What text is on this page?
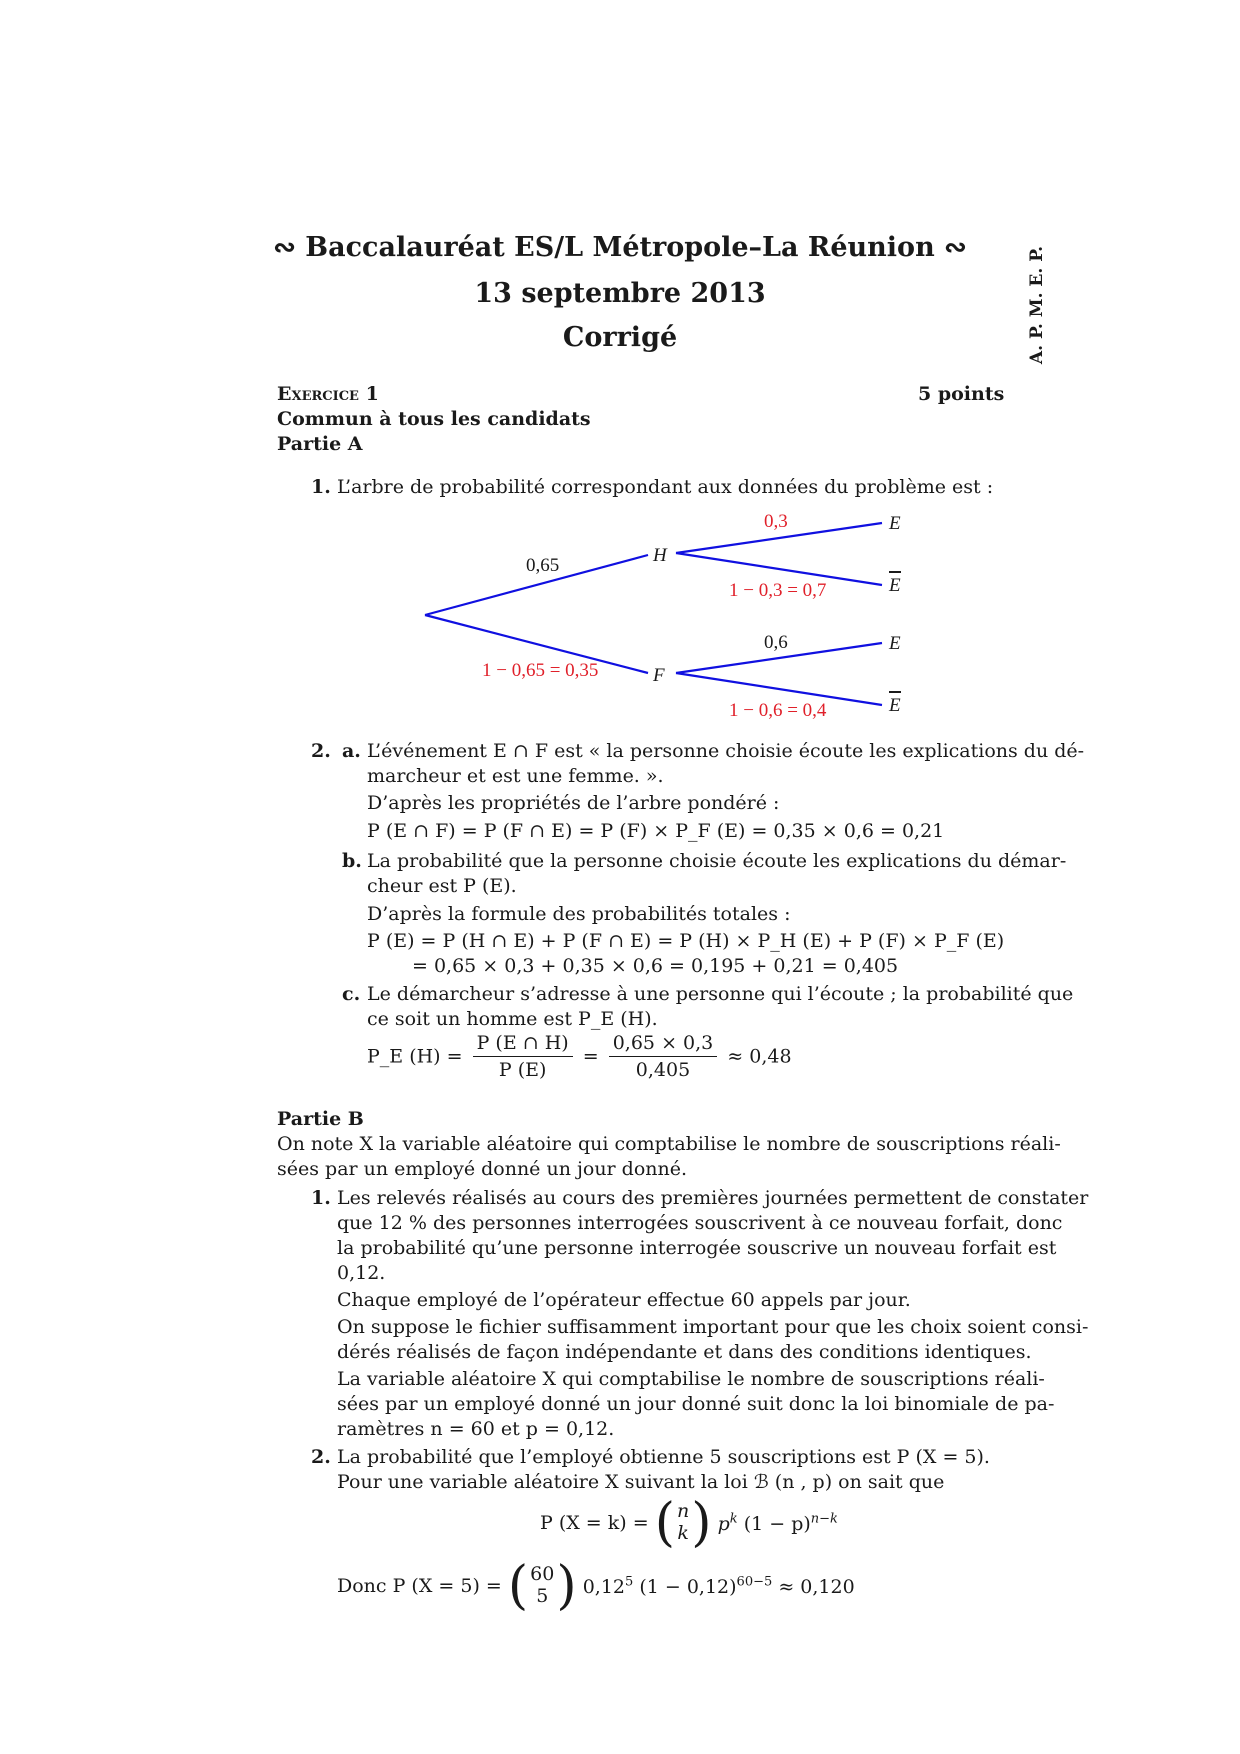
∾ Baccalauréat ES/L Métropole–La Réunion ∾
13 septembre 2013
Corrigé	A. P. M. E. P.
Exercice 1	5 points
Commun à tous les candidats
Partie A
1. L’arbre de probabilité correspondant aux données du problème est :
H
F
E
E
E
E
0,65
1 − 0,65 = 0,35
0,3
1 − 0,3 = 0,7
0,6
1 − 0,6 = 0,4
2. a. L’événement E ∩ F est « la personne choisie écoute les explications du dé-
marcheur et est une femme. ».
D’après les propriétés de l’arbre pondéré :
P (E ∩ F) = P (F ∩ E) = P (F) × P_F (E) = 0,35 × 0,6 = 0,21
b. La probabilité que la personne choisie écoute les explications du démar-
cheur est P (E).
D’après la formule des probabilités totales :
P (E) = P (H ∩ E) + P (F ∩ E) = P (H) × P_H (E) + P (F) × P_F (E)
= 0,65 × 0,3 + 0,35 × 0,6 = 0,195 + 0,21 = 0,405
c. Le démarcheur s’adresse à une personne qui l’écoute ; la probabilité que
ce soit un homme est P_E (H).
P_E $(H) = \frac{P (E \cap H)}{P (E)} = \frac{0,65 \times 0,3}{0,405} \approx 0,48$
Partie B
On note X la variable aléatoire qui comptabilise le nombre de souscriptions réali-
sées par un employé donné un jour donné.
1. Les relevés réalisés au cours des premières journées permettent de constater
que 12 % des personnes interrogées souscrivent à ce nouveau forfait, donc
la probabilité qu’une personne interrogée souscrive un nouveau forfait est
0,12.
Chaque employé de l’opérateur effectue 60 appels par jour.
On suppose le fichier suffisamment important pour que les choix soient consi-
dérés réalisés de façon indépendante et dans des conditions identiques.
La variable aléatoire X qui comptabilise le nombre de souscriptions réali-
sées par un employé donné un jour donné suit donc la loi binomiale de pa-
ramètres n = 60 et p = 0,12.
2. La probabilité que l’employé obtienne 5 souscriptions est P (X = 5).
Pour une variable aléatoire X suivant la loi ℬ (n , p) on sait que
P (X = k) = ( n
k ) $p^k$ $(1 - p)^{n-k}$
Donc P (X = 5) = ( 60
5 ) 0,12$^5$ $(1 - 0,12)^{60-5} \approx 0,120$
